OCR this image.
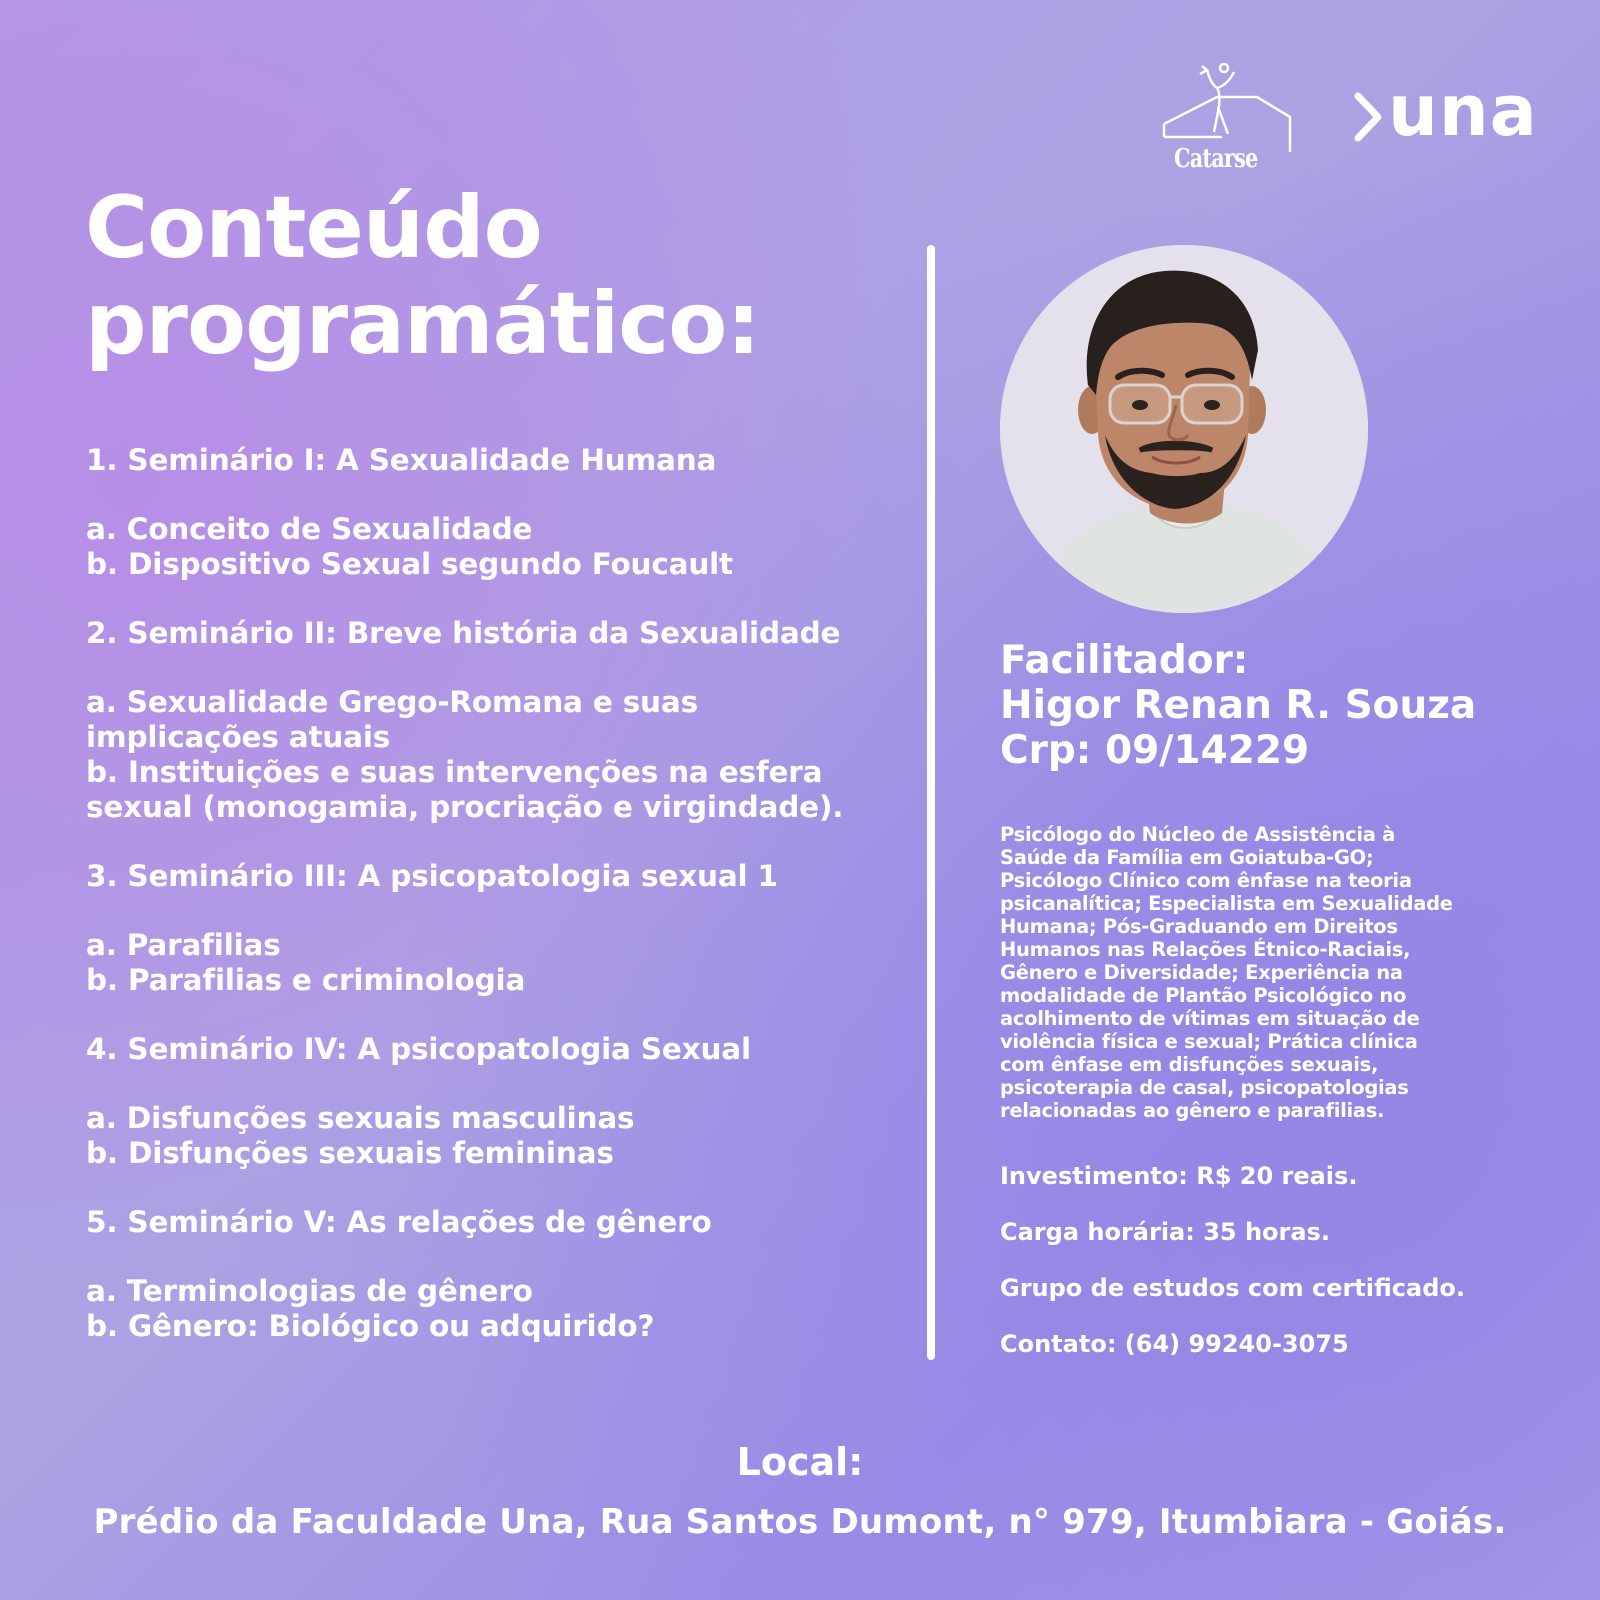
Catarse
una
Conteúdo
programático:
1. Seminário I: A Sexualidade Humana
a. Conceito de Sexualidade
b. Dispositivo Sexual segundo Foucault
2. Seminário II: Breve história da Sexualidade
a. Sexualidade Grego-Romana e suas
implicações atuais
b. Instituições e suas intervenções na esfera
sexual (monogamia, procriação e virgindade).
3. Seminário III: A psicopatologia sexual 1
a. Parafilias
b. Parafilias e criminologia
4. Seminário IV: A psicopatologia Sexual
a. Disfunções sexuais masculinas
b. Disfunções sexuais femininas
5. Seminário V: As relações de gênero
a. Terminologias de gênero
b. Gênero: Biológico ou adquirido?
Facilitador:
Higor Renan R. Souza
Crp: 09/14229
Psicólogo do Núcleo de Assistência à
Saúde da Família em Goiatuba-GO;
Psicólogo Clínico com ênfase na teoria
psicanalítica; Especialista em Sexualidade
Humana; Pós-Graduando em Direitos
Humanos nas Relações Étnico-Raciais,
Gênero e Diversidade; Experiência na
modalidade de Plantão Psicológico no
acolhimento de vítimas em situação de
violência física e sexual; Prática clínica
com ênfase em disfunções sexuais,
psicoterapia de casal, psicopatologias
relacionadas ao gênero e parafilias.
Investimento: R$ 20 reais.
Carga horária: 35 horas.
Grupo de estudos com certificado.
Contato: (64) 99240-3075
Local:
Prédio da Faculdade Una, Rua Santos Dumont, n° 979, Itumbiara - Goiás.
